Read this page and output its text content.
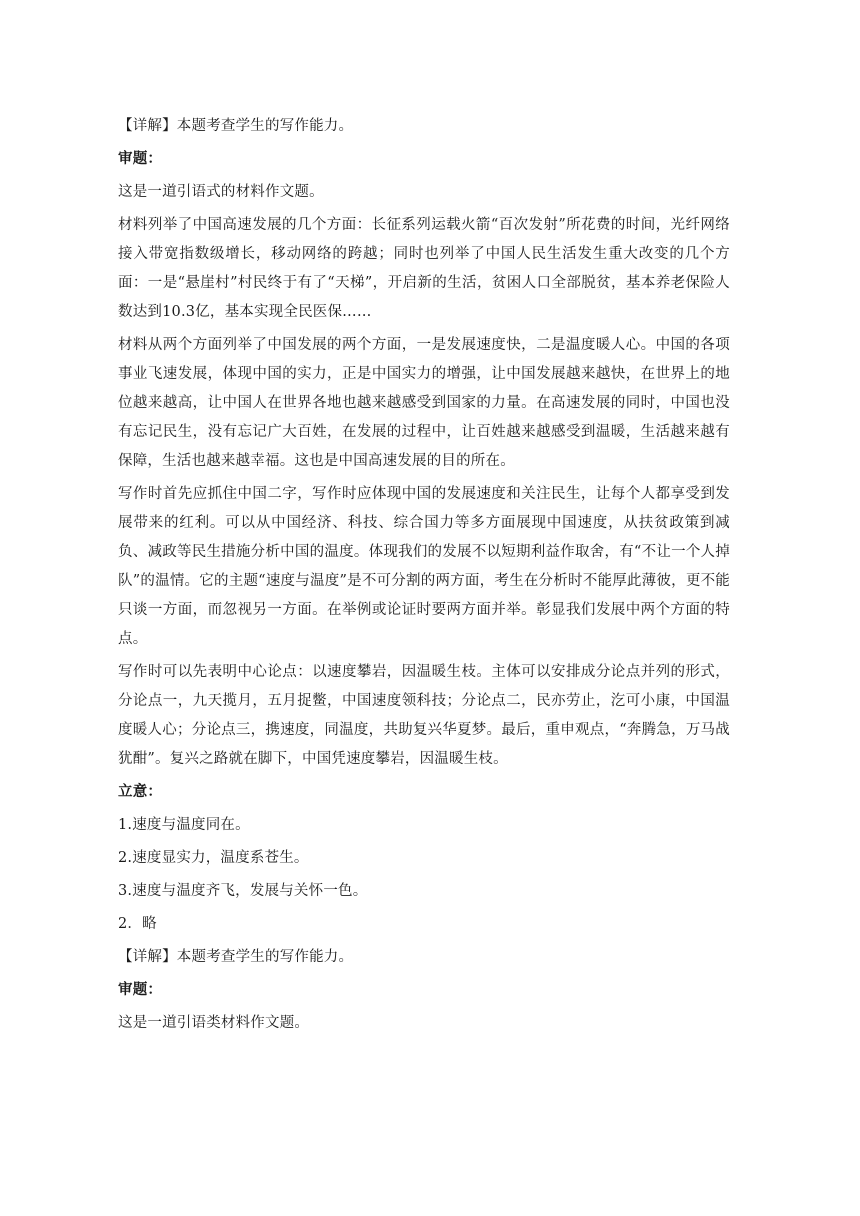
【详解】本题考查学生的写作能力。

审题：

这是一道引语式的材料作文题。

材料列举了中国高速发展的几个方面：长征系列运载火箭“百次发射”所花费的时间，光纤网络接入带宽指数级增长，移动网络的跨越；同时也列举了中国人民生活发生重大改变的几个方面：一是“悬崖村”村民终于有了“天梯”，开启新的生活，贫困人口全部脱贫，基本养老保险人数达到10.3亿，基本实现全民医保……

材料从两个方面列举了中国发展的两个方面，一是发展速度快，二是温度暖人心。中国的各项事业飞速发展，体现中国的实力，正是中国实力的增强，让中国发展越来越快，在世界上的地位越来越高，让中国人在世界各地也越来越感受到国家的力量。在高速发展的同时，中国也没有忘记民生，没有忘记广大百姓，在发展的过程中，让百姓越来越感受到温暖，生活越来越有保障，生活也越来越幸福。这也是中国高速发展的目的所在。

写作时首先应抓住中国二字，写作时应体现中国的发展速度和关注民生，让每个人都享受到发展带来的红利。可以从中国经济、科技、综合国力等多方面展现中国速度，从扶贫政策到减负、减政等民生措施分析中国的温度。体现我们的发展不以短期利益作取舍，有“不让一个人掉队”的温情。它的主题“速度与温度”是不可分割的两方面，考生在分析时不能厚此薄彼，更不能只谈一方面，而忽视另一方面。在举例或论证时要两方面并举。彰显我们发展中两个方面的特点。

写作时可以先表明中心论点：以速度攀岩，因温暖生枝。主体可以安排成分论点并列的形式，分论点一，九天揽月，五月捉鳖，中国速度领科技；分论点二，民亦劳止，汔可小康，中国温度暖人心；分论点三，携速度，同温度，共助复兴华夏梦。最后，重申观点，“奔腾急，万马战犹酣”。复兴之路就在脚下，中国凭速度攀岩，因温暖生枝。

立意：

1.速度与温度同在。

2.速度显实力，温度系苍生。

3.速度与温度齐飞，发展与关怀一色。

2．略

【详解】本题考查学生的写作能力。

审题：

这是一道引语类材料作文题。
